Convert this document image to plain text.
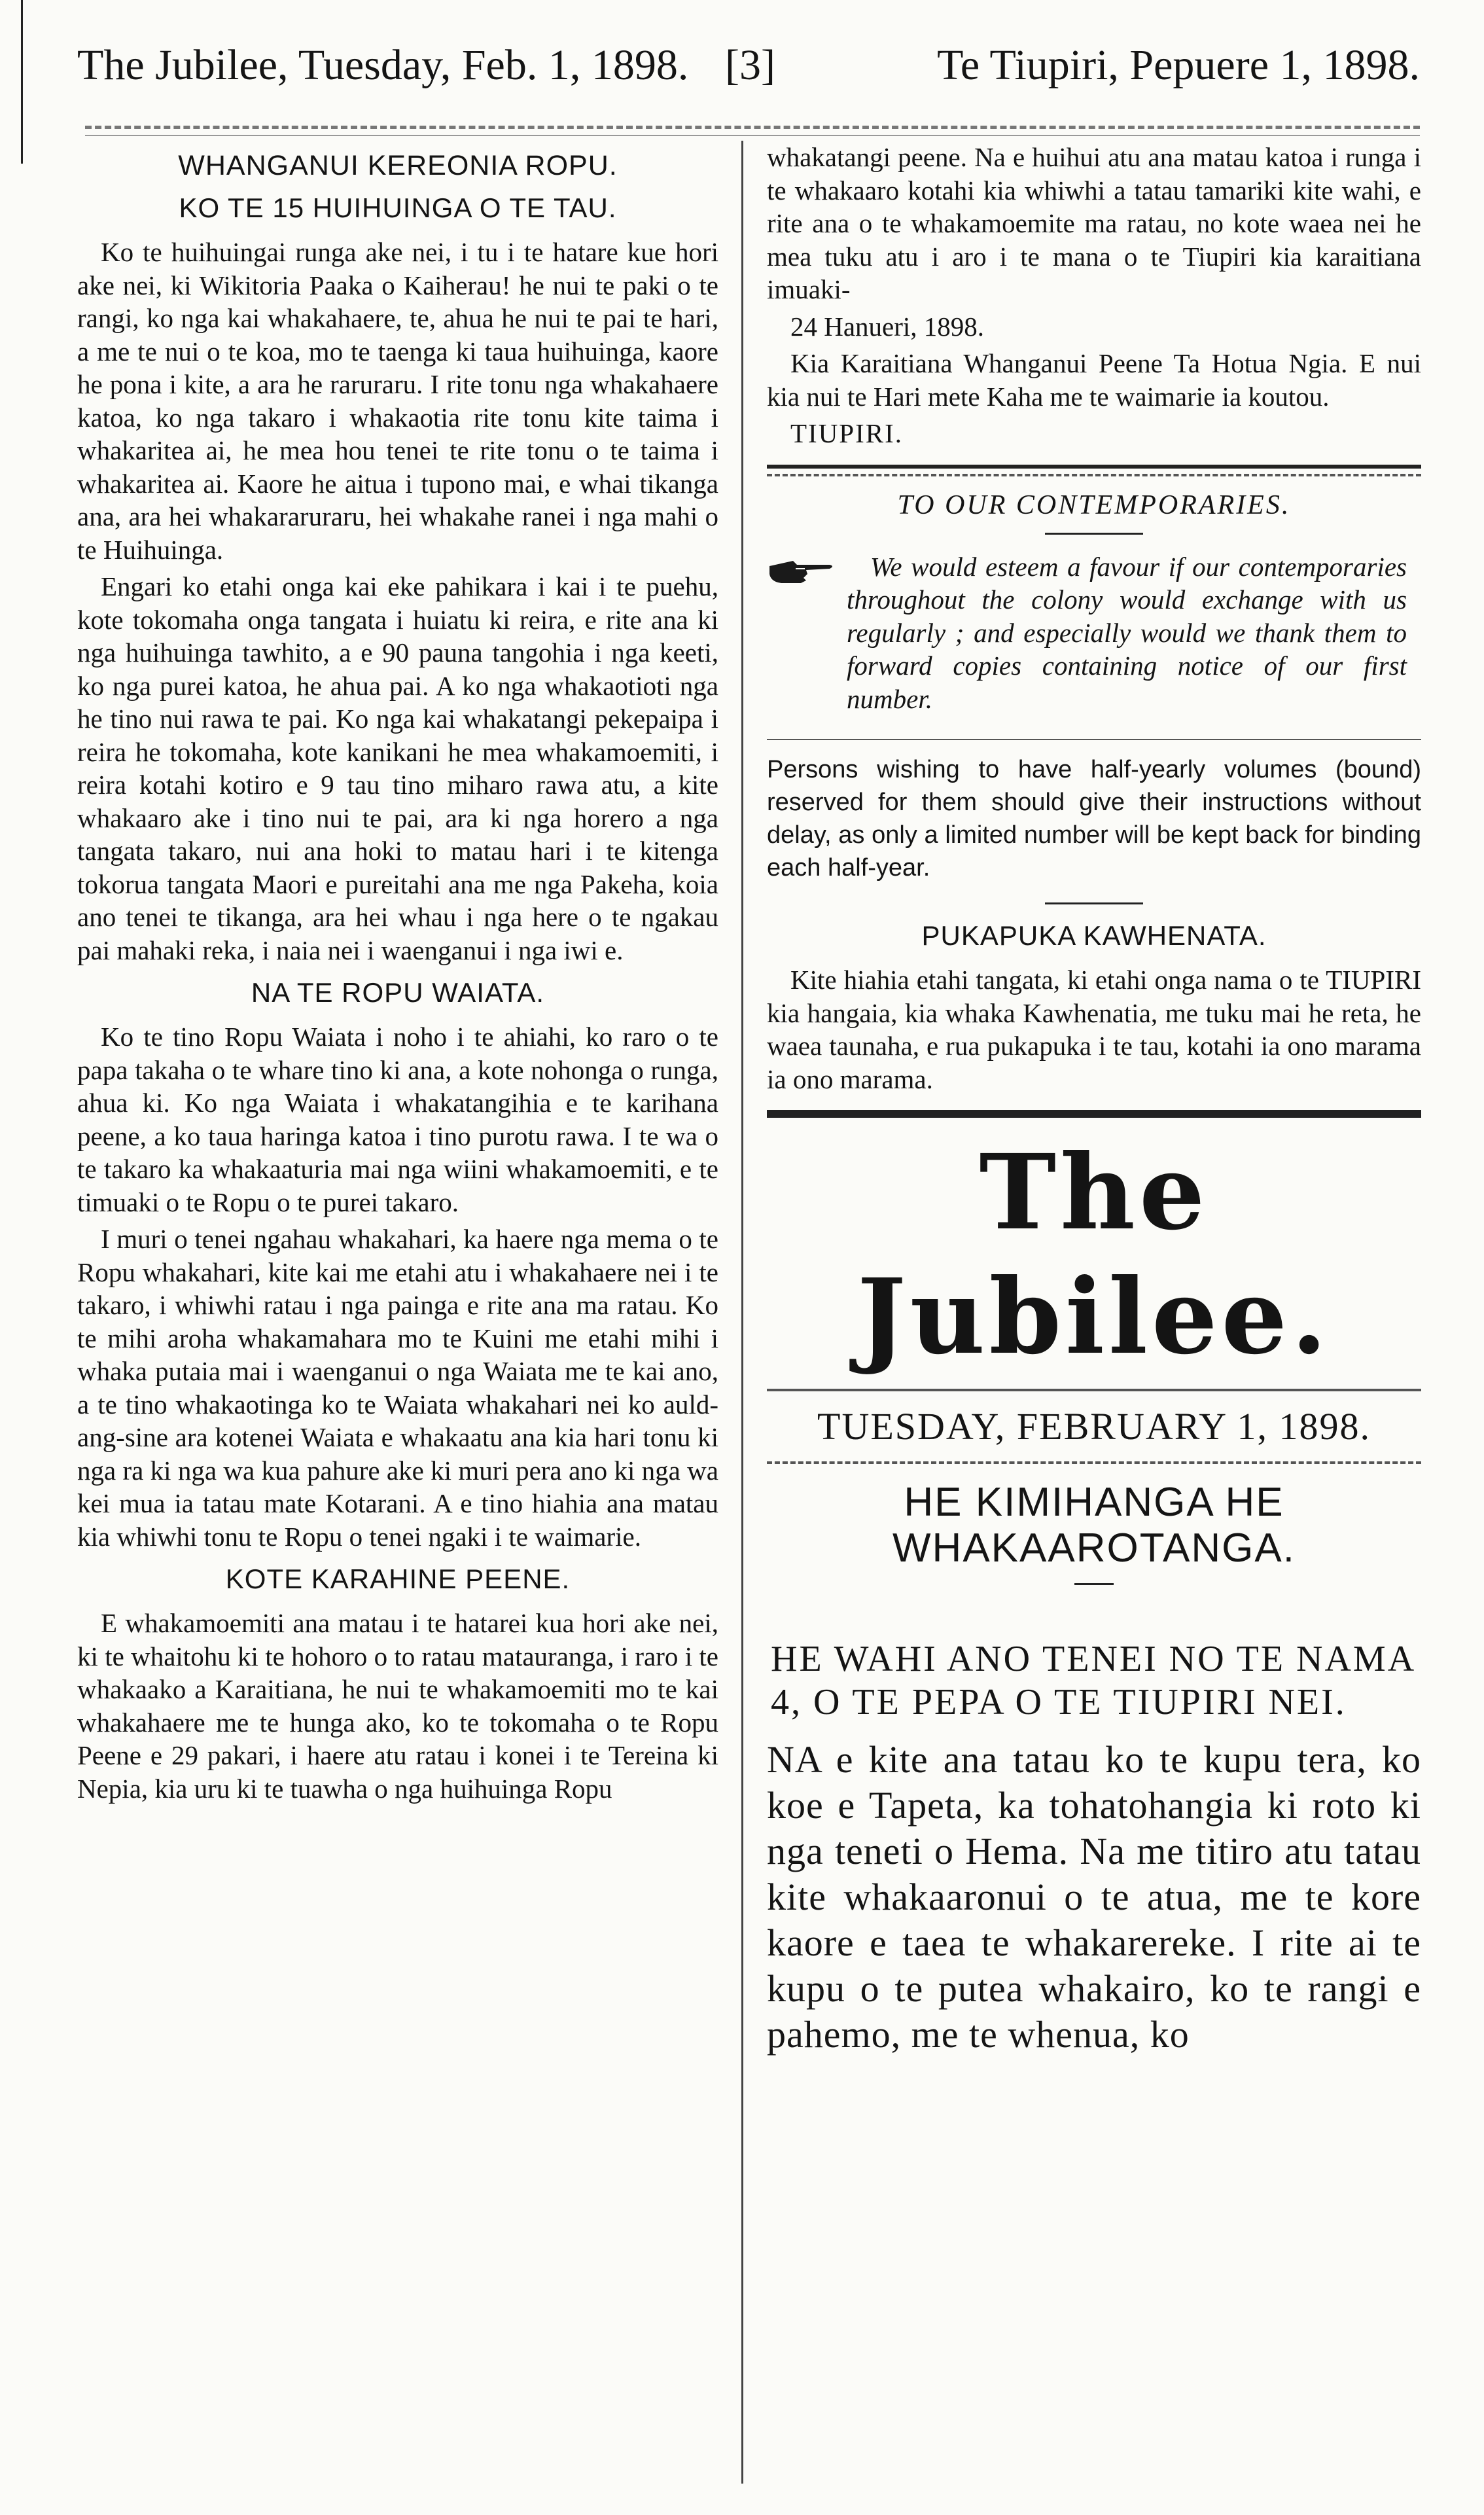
The Jubilee, Tuesday, Feb. 1, 1898. [3]	Te Tiupiri, Pepuere 1, 1898.
WHANGANUI KEREONIA ROPU.
KO TE 15 HUIHUINGA O TE TAU.

Ko te huihuingai runga ake nei, i tu i te hatare kue hori ake nei, ki Wikitoria Paaka o Kaiherau! he nui te paki o te rangi, ko nga kai whakahaere, te, ahua he nui te pai te hari, a me te nui o te koa, mo te taenga ki taua huihuinga, kaore he pona i kite, a ara he raruraru. I rite tonu nga whakahaere katoa, ko nga takaro i whakaotia rite tonu kite taima i whakaritea ai, he mea hou tenei te rite tonu o te taima i whakaritea ai. Kaore he aitua i tupono mai, e whai tikanga ana, ara hei whakararuraru, hei whakahe ranei i nga mahi o te Huihuinga.

Engari ko etahi onga kai eke pahikara i kai i te puehu, kote tokomaha onga tangata i huiatu ki reira, e rite ana ki nga huihuinga tawhito, a e 90 pauna tangohia i nga keeti, ko nga purei katoa, he ahua pai. A ko nga whakaotioti nga he tino nui rawa te pai. Ko nga kai whakatangi pekepaipa i reira he tokomaha, kote kanikani he mea whakamoemiti, i reira kotahi kotiro e 9 tau tino miharo rawa atu, a kite whakaaro ake i tino nui te pai, ara ki nga horero a nga tangata takaro, nui ana hoki to matau hari i te kitenga tokorua tangata Maori e pureitahi ana me nga Pakeha, koia ano tenei te tikanga, ara hei whau i nga here o te ngakau pai mahaki reka, i naia nei i waenganui i nga iwi e.

NA TE ROPU WAIATA.

Ko te tino Ropu Waiata i noho i te ahiahi, ko raro o te papa takaha o te whare tino ki ana, a kote nohonga o runga, ahua ki. Ko nga Waiata i whakatangihia e te karihana peene, a ko taua haringa katoa i tino purotu rawa. I te wa o te takaro ka whakaaturia mai nga wiini whakamoemiti, e te timuaki o te Ropu o te purei takaro.

I muri o tenei ngahau whakahari, ka haere nga mema o te Ropu whakahari, kite kai me etahi atu i whakahaere nei i te takaro, i whiwhi ratau i nga painga e rite ana ma ratau. Ko te mihi aroha whakamahara mo te Kuini me etahi mihi i whaka putaia mai i waenganui o nga Waiata me te kai ano, a te tino whakaotinga ko te Waiata whakahari nei ko auld-ang-sine ara kotenei Waiata e whakaatu ana kia hari tonu ki nga ra ki nga wa kua pahure ake ki muri pera ano ki nga wa kei mua ia tatau mate Kotarani. A e tino hiahia ana matau kia whiwhi tonu te Ropu o tenei ngaki i te waimarie.

KOTE KARAHINE PEENE.

E whakamoemiti ana matau i te hatarei kua hori ake nei, ki te whaitohu ki te hohoro o to ratau matauranga, i raro i te whakaako a Karaitiana, he nui te whakamoemiti mo te kai whakahaere me te hunga ako, ko te tokomaha o te Ropu Peene e 29 pakari, i haere atu ratau i konei i te Tereina ki Nepia, kia uru ki te tuawha o nga huihuinga Ropu

whakatangi peene. Na e huihui atu ana matau katoa i runga i te whakaaro kotahi kia whiwhi a tatau tamariki kite wahi, e rite ana o te whakamoemite ma ratau, no kote waea nei he mea tuku atu i aro i te mana o te Tiupiri kia karaitiana imuaki-

24 Hanueri, 1898.

Kia Karaitiana Whanganui Peene Ta Hotua Ngia. E nui kia nui te Hari mete Kaha me te waimarie ia koutou.

TIUPIRI.

TO OUR CONTEMPORARIES.

We would esteem a favour if our contemporaries throughout the colony would exchange with us regularly ; and especially would we thank them to forward copies containing notice of our first number.

Persons wishing to have half-yearly volumes (bound) reserved for them should give their instructions without delay, as only a limited number will be kept back for binding each half-year.

PUKAPUKA KAWHENATA.

Kite hiahia etahi tangata, ki etahi onga nama o te TIUPIRI kia hangaia, kia whaka Kawhenatia, me tuku mai he reta, he waea taunaha, e rua pukapuka i te tau, kotahi ia ono marama ia ono marama.

The Jubilee.
TUESDAY, FEBRUARY 1, 1898.
HE KIMIHANGA HE WHAKAAROTANGA.
HE WAHI ANO TENEI NO TE NAMA 4, O TE PEPA O TE TIUPIRI NEI.

NA e kite ana tatau ko te kupu tera, ko koe e Tapeta, ka tohatohangia ki roto ki nga teneti o Hema. Na me titiro atu tatau kite whakaaronui o te atua, me te kore kaore e taea te whakarereke. I rite ai te kupu o te putea whakairo, ko te rangi e pahemo, me te whenua, ko
